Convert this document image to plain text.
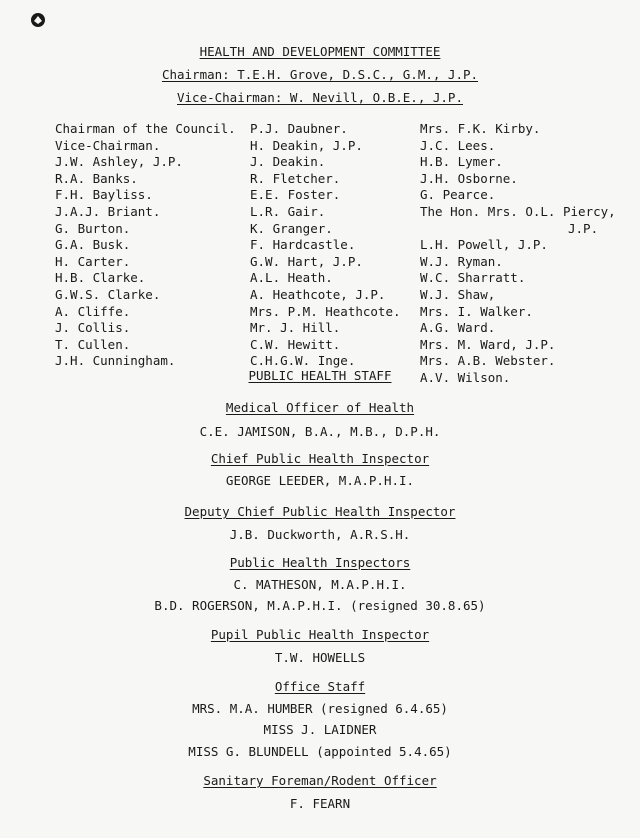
HEALTH AND DEVELOPMENT COMMITTEE
Chairman: T.E.H. Grove, D.S.C., G.M., J.P.
Vice-Chairman: W. Nevill, O.B.E., J.P.
Chairman of the Council.
Vice-Chairman.
J.W. Ashley, J.P.
R.A. Banks.
F.H. Bayliss.
J.A.J. Briant.
G. Burton.
G.A. Busk.
H. Carter.
H.B. Clarke.
G.W.S. Clarke.
A. Cliffe.
J. Collis.
T. Cullen.
J.H. Cunningham.
P.J. Daubner.
H. Deakin, J.P.
J. Deakin.
R. Fletcher.
E.E. Foster.
L.R. Gair.
K. Granger.
F. Hardcastle.
G.W. Hart, J.P.
A.L. Heath.
A. Heathcote, J.P.
Mrs. P.M. Heathcote.
Mr. J. Hill.
C.W. Hewitt.
C.H.G.W. Inge.
Mrs. F.K. Kirby.
J.C. Lees.
H.B. Lymer.
J.H. Osborne.
G. Pearce.
The Hon. Mrs. O.L. Piercy,
J.P.
L.H. Powell, J.P.
W.J. Ryman.
W.C. Sharratt.
W.J. Shaw,
Mrs. I. Walker.
A.G. Ward.
Mrs. M. Ward, J.P.
Mrs. A.B. Webster.
A.V. Wilson.
PUBLIC HEALTH STAFF
Medical Officer of Health
C.E. JAMISON, B.A., M.B., D.P.H.
Chief Public Health Inspector
GEORGE LEEDER, M.A.P.H.I.
Deputy Chief Public Health Inspector
J.B. Duckworth, A.R.S.H.
Public Health Inspectors
C. MATHESON, M.A.P.H.I.
B.D. ROGERSON, M.A.P.H.I. (resigned 30.8.65)
Pupil Public Health Inspector
T.W. HOWELLS
Office Staff
MRS. M.A. HUMBER (resigned 6.4.65)
MISS J. LAIDNER
MISS G. BLUNDELL (appointed 5.4.65)
Sanitary Foreman/Rodent Officer
F. FEARN
